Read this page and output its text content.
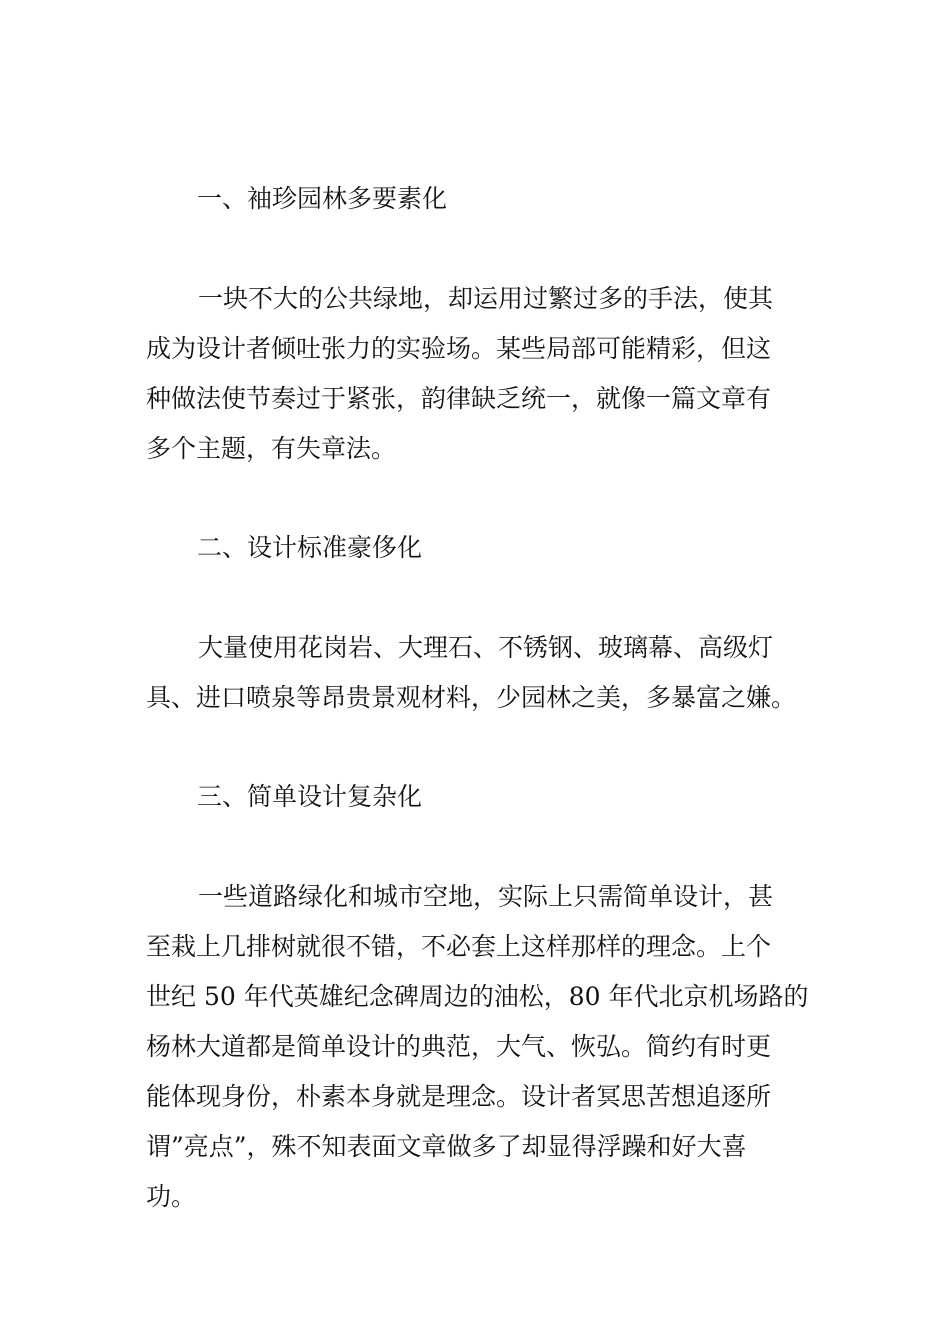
一、袖珍园林多要素化
一块不大的公共绿地，却运用过繁过多的手法，使其
成为设计者倾吐张力的实验场。某些局部可能精彩，但这
种做法使节奏过于紧张，韵律缺乏统一，就像一篇文章有
多个主题，有失章法。
二、设计标准豪侈化
大量使用花岗岩、大理石、不锈钢、玻璃幕、高级灯
具、进口喷泉等昂贵景观材料，少园林之美，多暴富之嫌。
三、简单设计复杂化
一些道路绿化和城市空地，实际上只需简单设计，甚
至栽上几排树就很不错，不必套上这样那样的理念。上个
世纪 50 年代英雄纪念碑周边的油松，80 年代北京机场路的
杨林大道都是简单设计的典范，大气、恢弘。简约有时更
能体现身份，朴素本身就是理念。设计者冥思苦想追逐所
谓”亮点”，殊不知表面文章做多了却显得浮躁和好大喜
功。
